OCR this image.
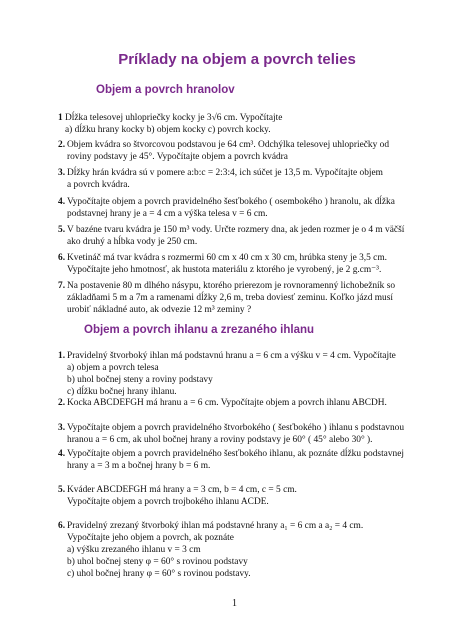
Príklady na objem a povrch telies
Objem a povrch hranolov
1 Dĺžka telesovej uhlopriečky kocky je 3√6 cm. Vypočítajte
a) dĺžku hrany kocky b) objem kocky c) povrch kocky.
2. Objem kvádra so štvorcovou podstavou je 64 cm³. Odchýlka telesovej uhlopriečky od
roviny podstavy je 45°. Vypočítajte objem a povrch kvádra
3. Dĺžky hrán kvádra sú v pomere a:b:c = 2:3:4, ich súčet je 13,5 m. Vypočítajte objem
a povrch kvádra.
4. Vypočítajte objem a povrch pravidelného šesťbokého ( osembokého ) hranolu, ak dĺžka
podstavnej hrany je a = 4 cm a výška telesa v = 6 cm.
5. V bazéne tvaru kvádra je 150 m³ vody. Určte rozmery dna, ak jeden rozmer je o 4 m väčší
ako druhý a hĺbka vody je 250 cm.
6. Kvetináč má tvar kvádra s rozmermi 60 cm x 40 cm x 30 cm, hrúbka steny je 3,5 cm.
Vypočítajte jeho hmotnosť, ak hustota materiálu z ktorého je vyrobený, je 2 g.cm⁻³.
7. Na postavenie 80 m dlhého násypu, ktorého prierezom je rovnoramenný lichobežník so
základňami 5 m a 7m a ramenami dĺžky 2,6 m, treba doviesť zeminu. Koľko jázd musí
urobiť nákladné auto, ak odvezie 12 m³ zeminy ?
Objem a povrch ihlanu a zrezaného ihlanu
1. Pravidelný štvorboký ihlan má podstavnú hranu a = 6 cm a výšku v = 4 cm. Vypočítajte
a) objem a povrch telesa
b) uhol bočnej steny a roviny podstavy
c) dĺžku bočnej hrany ihlanu.
2. Kocka ABCDEFGH má hranu a = 6 cm. Vypočítajte objem a povrch ihlanu ABCDH.
3. Vypočítajte objem a povrch pravidelného štvorbokého ( šesťbokého ) ihlanu s podstavnou
hranou a = 6 cm, ak uhol bočnej hrany a roviny podstavy je 60° ( 45° alebo 30° ).
4. Vypočítajte objem a povrch pravidelného šesťbokého ihlanu, ak poznáte dĺžku podstavnej
hrany a = 3 m a bočnej hrany b = 6 m.
5. Kváder ABCDEFGH má hrany a = 3 cm, b = 4 cm, c = 5 cm.
Vypočítajte objem a povrch trojbokého ihlanu ACDE.
6. Pravidelný zrezaný štvorboký ihlan má podstavné hrany a₁ = 6 cm a a₂ = 4 cm.
Vypočítajte jeho objem a povrch, ak poznáte
a) výšku zrezaného ihlanu v = 3 cm
b) uhol bočnej steny φ = 60° s rovinou podstavy
c) uhol bočnej hrany φ = 60° s rovinou podstavy.
1
